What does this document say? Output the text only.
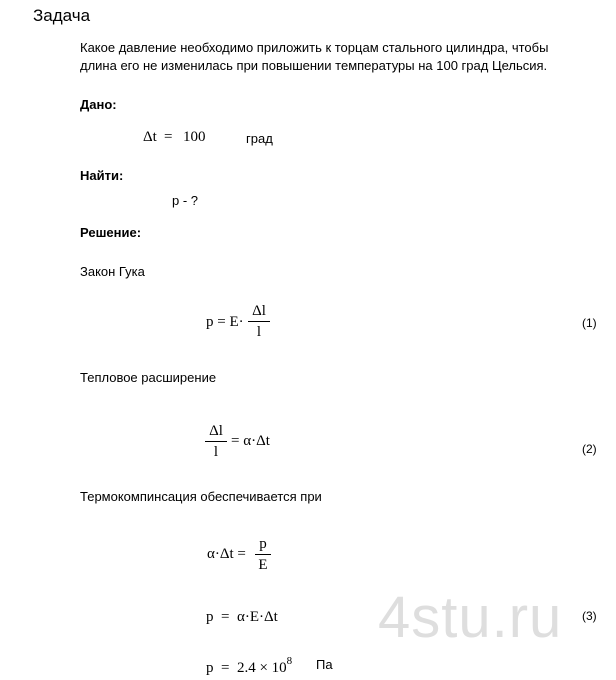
Задача
Какое давление необходимо приложить к торцам стального цилиндра, чтобы
длина его не изменилась при повышении температуры на 100 град Цельсия.
Дано:
Δt = 100	град
Найти:
p - ?
Решение:
Закон Гука
p = E·
Δl
l
(1)
Тепловое расширение
Δl
l
= α·Δt	(2)
Термокомпинсация обеспечивается при
α·Δt =
p
E
4stu.ru
p  =  α·E·Δt	(3)
$p = 2.4 \times 10^8$ Па
